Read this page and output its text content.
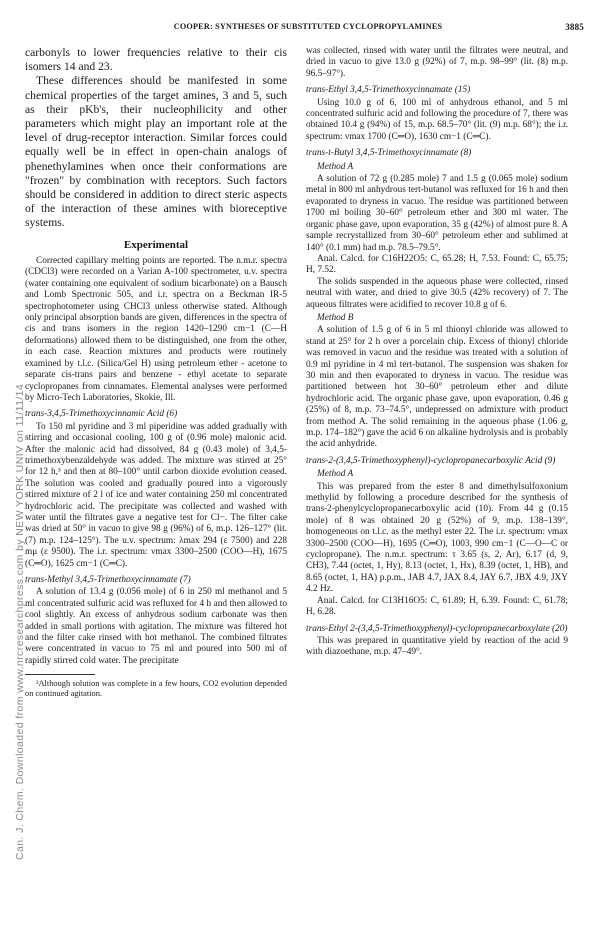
COOPER: SYNTHESES OF SUBSTITUTED CYCLOPROPYLAMINES	3885
Can. J. Chem. Downloaded from www.nrcresearchpress.com by NEW YORK UNIV on 11/11/14

carbonyls to lower frequencies relative to their cis isomers 14 and 23.

These differences should be manifested in some chemical properties of the target amines, 3 and 5, such as their pKb's, their nucleophilicity and other parameters which might play an important role at the level of drug-receptor interaction. Similar forces could equally well be in effect in open-chain analogs of phenethylamines when once their conformations are "frozen" by combination with receptors. Such factors should be considered in addition to direct steric aspects of the interaction of these amines with bioreceptive systems.

Experimental

Corrected capillary melting points are reported. The n.m.r. spectra (CDCl3) were recorded on a Varian A-100 spectrometer, u.v. spectra (water containing one equivalent of sodium bicarbonate) on a Bausch and Lomb Spectronic 505, and i.r. spectra on a Beckman IR-5 spectrophotometer using CHCl3 unless otherwise stated. Although only principal absorption bands are given, differences in the spectra of cis and trans isomers in the region 1420–1290 cm−1 (C—H deformations) allowed them to be distinguished, one from the other, in each case. Reaction mixtures and products were routinely examined by t.l.c. (Silica/Gel H) using petroleum ether - acetone to separate cis-trans pairs and benzene - ethyl acetate to separate cyclopropanes from cinnamates. Elemental analyses were performed by Micro-Tech Laboratories, Skokie, Ill.

trans-3,4,5-Trimethoxycinnamic Acid (6)

To 150 ml pyridine and 3 ml piperidine was added gradually with stirring and occasional cooling, 100 g of (0.96 mole) malonic acid. After the malonic acid had dissolved, 84 g (0.43 mole) of 3,4,5-trimethoxybenzaldehyde was added. The mixture was stirred at 25° for 12 h,³ and then at 80–100° until carbon dioxide evolution ceased. The solution was cooled and gradually poured into a vigorously stirred mixture of 2 l of ice and water containing 250 ml concentrated hydrochloric acid. The precipitate was collected and washed with water until the filtrates gave a negative test for Cl−. The filter cake was dried at 50° in vacuo to give 98 g (96%) of 6, m.p. 126–127° (lit. (7) m.p. 124–125°). The u.v. spectrum: λmax 294 (ε 7500) and 228 mμ (ε 9500). The i.r. spectrum: νmax 3300–2500 (COO—H), 1675 (C═O), 1625 cm−1 (C═C).

trans-Methyl 3,4,5-Trimethoxycinnamate (7)

A solution of 13.4 g (0.056 mole) of 6 in 250 ml methanol and 5 ml concentrated sulfuric acid was refluxed for 4 h and then allowed to cool slightly. An excess of anhydrous sodium carbonate was then added in small portions with agitation. The mixture was filtered hot and the filter cake rinsed with hot methanol. The combined filtrates were concentrated in vacuo to 75 ml and poured into 500 ml of rapidly stirred cold water. The precipitate

³Although solution was complete in a few hours, CO2 evolution depended on continued agitation.

was collected, rinsed with water until the filtrates were neutral, and dried in vacuo to give 13.0 g (92%) of 7, m.p. 98–99° (lit. (8) m.p. 96.5–97°).

trans-Ethyl 3,4,5-Trimethoxycinnamate (15)

Using 10.0 g of 6, 100 ml of anhydrous ethanol, and 5 ml concentrated sulfuric acid and following the procedure of 7, there was obtained 10.4 g (94%) of 15, m.p. 68.5–70° (lit. (9) m.p. 68°); the i.r. spectrum: νmax 1700 (C═O), 1630 cm−1 (C═C).

trans-t-Butyl 3,4,5-Trimethoxycinnamate (8)

Method A

A solution of 72 g (0.285 mole) 7 and 1.5 g (0.065 mole) sodium metal in 800 ml anhydrous tert-butanol was refluxed for 16 h and then evaporated to dryness in vacuo. The residue was partitioned between 1700 ml boiling 30–60° petroleum ether and 300 ml water. The organic phase gave, upon evaporation, 35 g (42%) of almost pure 8. A sample recrystallized from 30–60° petroleum ether and sublimed at 140° (0.1 mm) had m.p. 78.5–79.5°.

Anal. Calcd. for C16H22O5: C, 65.28; H, 7.53. Found: C, 65.75; H, 7.52.

The solids suspended in the aqueous phase were collected, rinsed neutral with water, and dried to give 30.5 (42% recovery) of 7. The aqueous filtrates were acidified to recover 10.8 g of 6.

Method B

A solution of 1.5 g of 6 in 5 ml thionyl chloride was allowed to stand at 25° for 2 h over a porcelain chip. Excess of thionyl chloride was removed in vacuo and the residue was treated with a solution of 0.9 ml pyridine in 4 ml tert-butanol. The suspension was shaken for 30 min and then evaporated to dryness in vacuo. The residue was partitioned between hot 30–60° petroleum ether and dilute hydrochloric acid. The organic phase gave, upon evaporation, 0.46 g (25%) of 8, m.p. 73–74.5°, undepressed on admixture with product from method A. The solid remaining in the aqueous phase (1.06 g, m.p. 174–182°) gave the acid 6 on alkaline hydrolysis and is probably the acid anhydride.

trans-2-(3,4,5-Trimethoxyphenyl)-cyclopropanecarboxylic Acid (9)

Method A

This was prepared from the ester 8 and dimethylsulfoxonium methylid by following a procedure described for the synthesis of trans-2-phenylcyclopropanecarboxylic acid (10). From 44 g (0.15 mole) of 8 was obtained 20 g (52%) of 9, m.p. 138–139°, homogeneous on t.l.c. as the methyl ester 22. The i.r. spectrum: νmax 3300–2500 (COO—H), 1695 (C═O), 1003, 990 cm−1 (C—O—C or cyclopropane). The n.m.r. spectrum: τ 3.65 (s, 2, Ar), 6.17 (d, 9, CH3), 7.44 (octet, 1, Hy), 8.13 (octet, 1, Hx), 8.39 (octet, 1, HB), and 8.65 (octet, 1, HA) p.p.m., JAB 4.7, JAX 8.4, JAY 6.7, JBX 4.9, JXY 4.2 Hz.

Anal. Calcd. for C13H16O5: C, 61.89; H, 6.39. Found: C, 61.78; H, 6.28.

trans-Ethyl 2-(3,4,5-Trimethoxyphenyl)-cyclopropanecarboxylate (20)

This was prepared in quantitative yield by reaction of the acid 9 with diazoethane, m.p. 47–49°.
